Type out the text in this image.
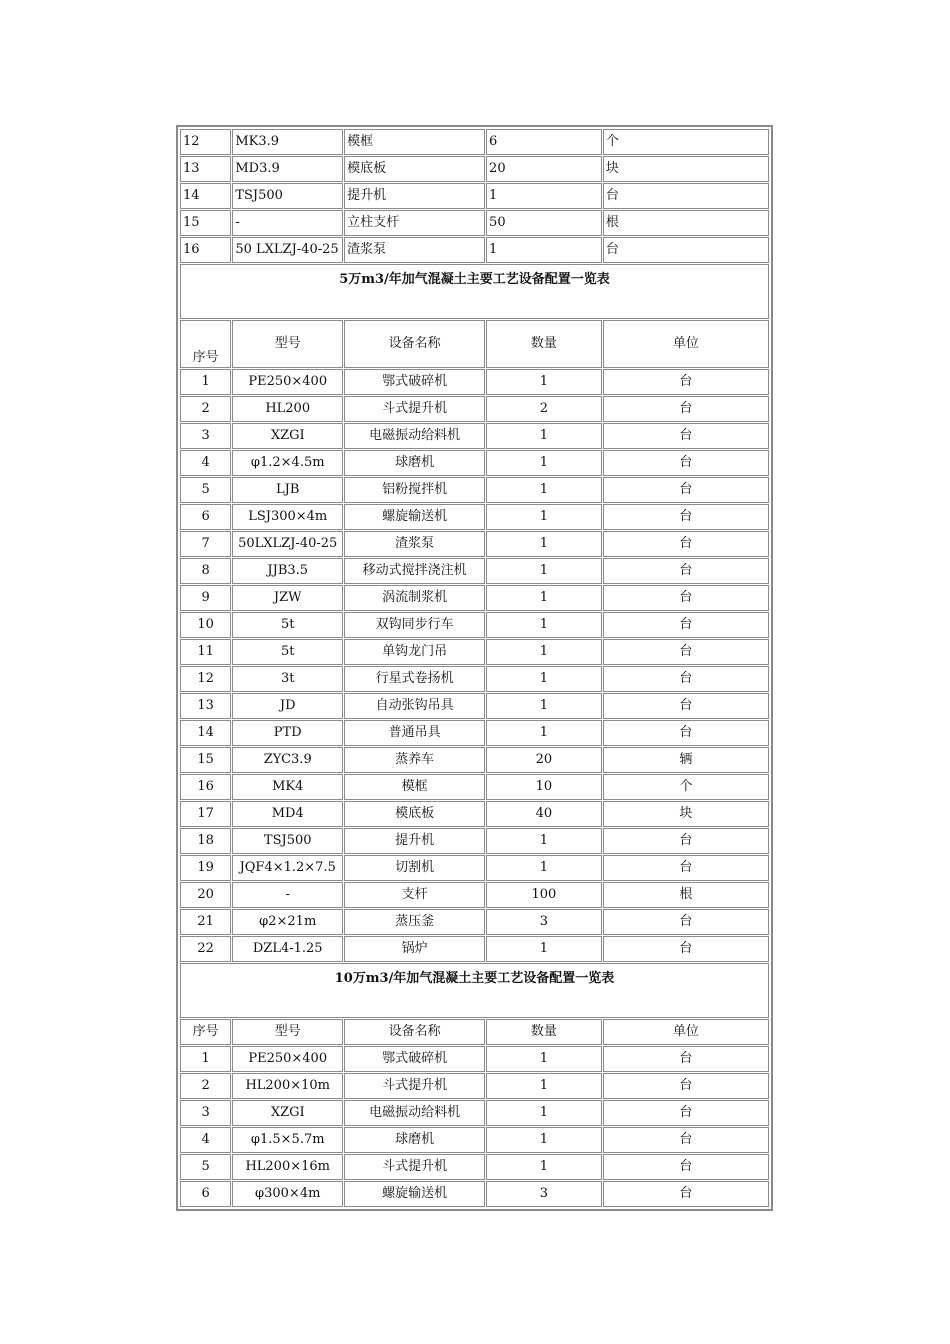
12	MK3.9	模框	6	个
13	MD3.9	模底板	20	块
14	TSJ500	提升机	1	台
15	-	立柱支杆	50	根
16	50 LXLZJ-40-25	渣浆泵	1	台
5万m3/年加气混凝土主要工艺设备配置一览表				
序号	型号	设备名称	数量	单位
1	PE250×400	鄂式破碎机	1	台
2	HL200	斗式提升机	2	台
3	XZGI	电磁振动给料机	1	台
4	φ1.2×4.5m	球磨机	1	台
5	LJB	铝粉搅拌机	1	台
6	LSJ300×4m	螺旋输送机	1	台
7	50LXLZJ-40-25	渣浆泵	1	台
8	JJB3.5	移动式搅拌浇注机	1	台
9	JZW	涡流制浆机	1	台
10	5t	双钩同步行车	1	台
11	5t	单钩龙门吊	1	台
12	3t	行星式卷扬机	1	台
13	JD	自动张钩吊具	1	台
14	PTD	普通吊具	1	台
15	ZYC3.9	蒸养车	20	辆
16	MK4	模框	10	个
17	MD4	模底板	40	块
18	TSJ500	提升机	1	台
19	JQF4×1.2×7.5	切割机	1	台
20	-	支杆	100	根
21	φ2×21m	蒸压釜	3	台
22	DZL4-1.25	锅炉	1	台
10万m3/年加气混凝土主要工艺设备配置一览表				
序号	型号	设备名称	数量	单位
1	PE250×400	鄂式破碎机	1	台
2	HL200×10m	斗式提升机	1	台
3	XZGI	电磁振动给料机	1	台
4	φ1.5×5.7m	球磨机	1	台
5	HL200×16m	斗式提升机	1	台
6	φ300×4m	螺旋输送机	3	台
